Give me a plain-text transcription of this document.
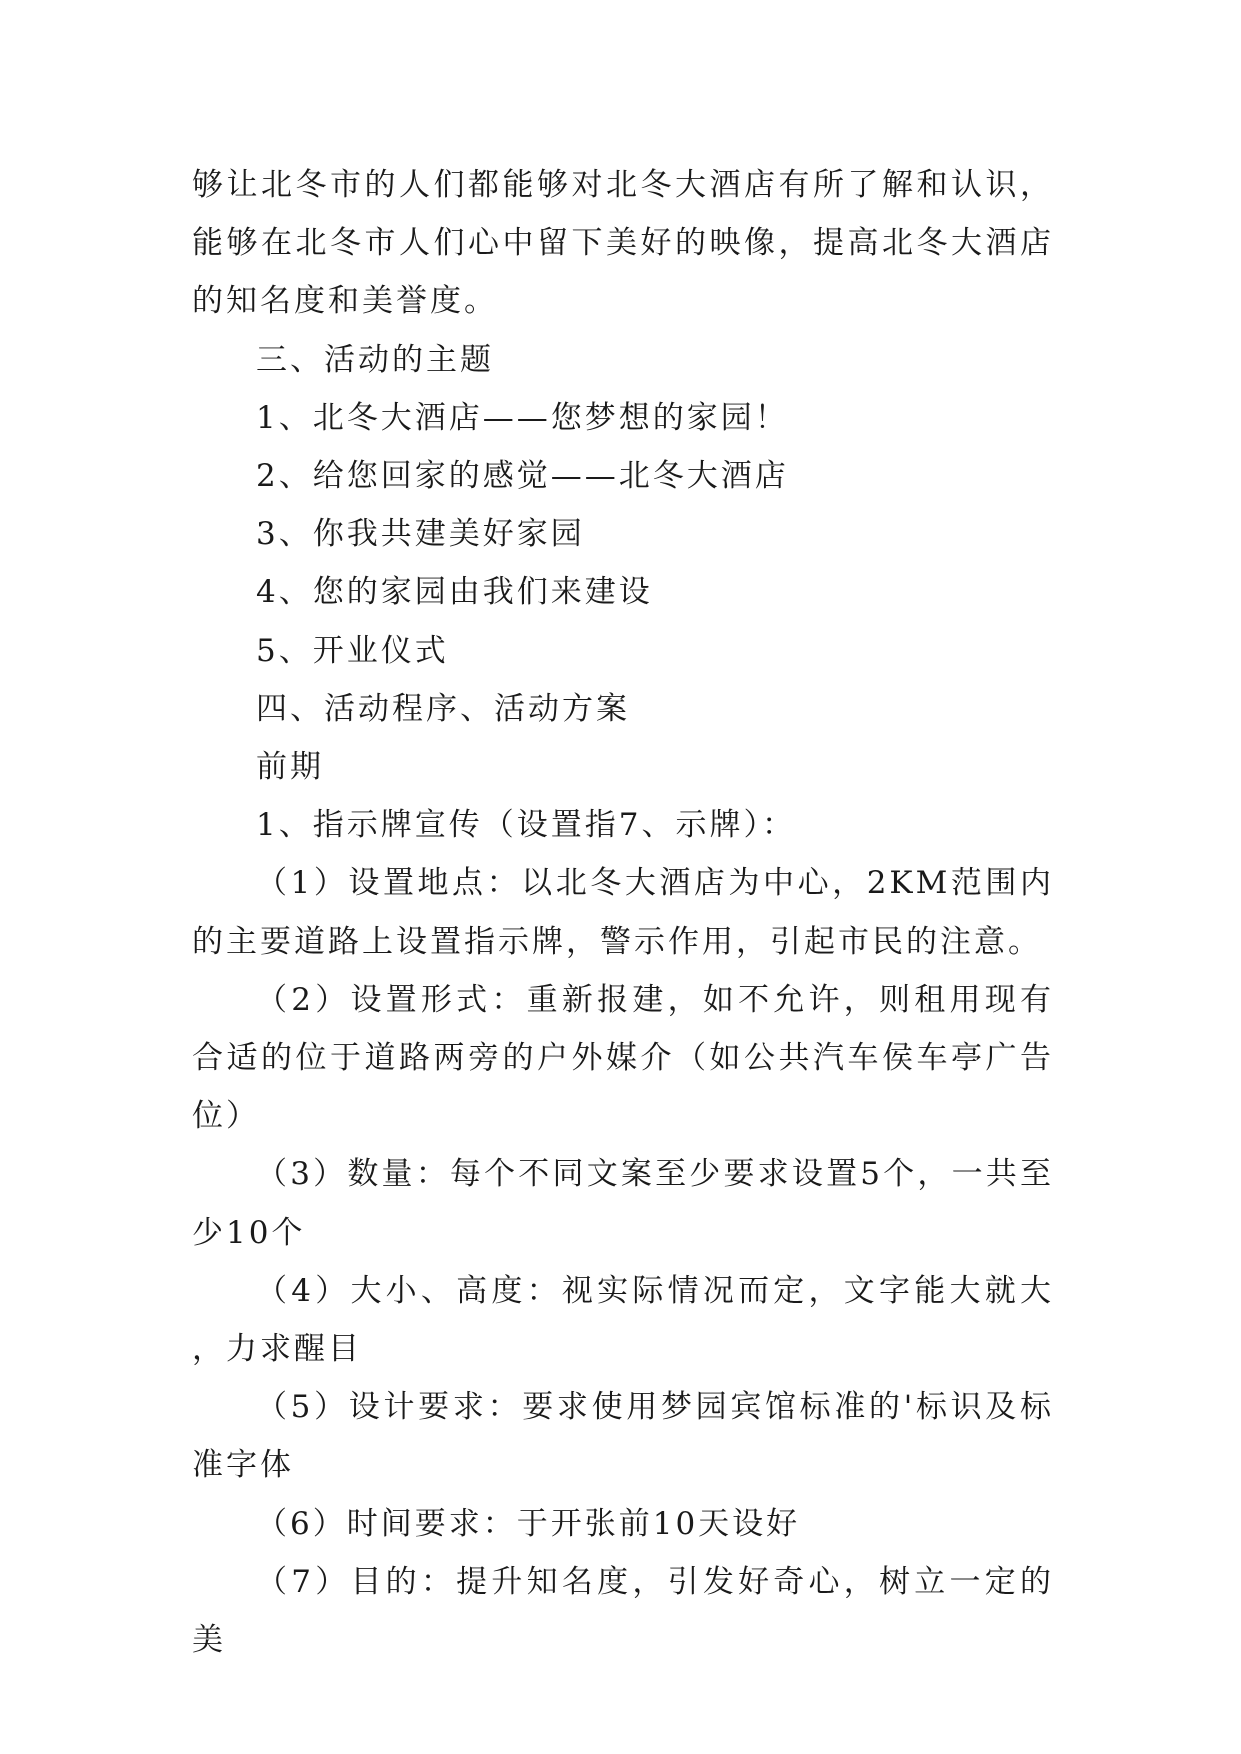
够让北冬市的人们都能够对北冬大酒店有所了解和认识，能够在北冬市人们心中留下美好的映像，提高北冬大酒店的知名度和美誉度。

三、活动的主题

1、北冬大酒店——您梦想的家园！

2、给您回家的感觉——北冬大酒店

3、你我共建美好家园

4、您的家园由我们来建设

5、开业仪式

四、活动程序、活动方案

前期

1、指示牌宣传（设置指7、示牌）：

（1）设置地点：以北冬大酒店为中心，2KM范围内的主要道路上设置指示牌，警示作用，引起市民的注意。

（2）设置形式：重新报建，如不允许，则租用现有合适的位于道路两旁的户外媒介（如公共汽车侯车亭广告位）

（3）数量：每个不同文案至少要求设置5个，一共至少10个

（4）大小、高度：视实际情况而定，文字能大就大，力求醒目

（5）设计要求：要求使用梦园宾馆标准的'标识及标准字体

（6）时间要求：于开张前10天设好

（7）目的：提升知名度，引发好奇心，树立一定的美
